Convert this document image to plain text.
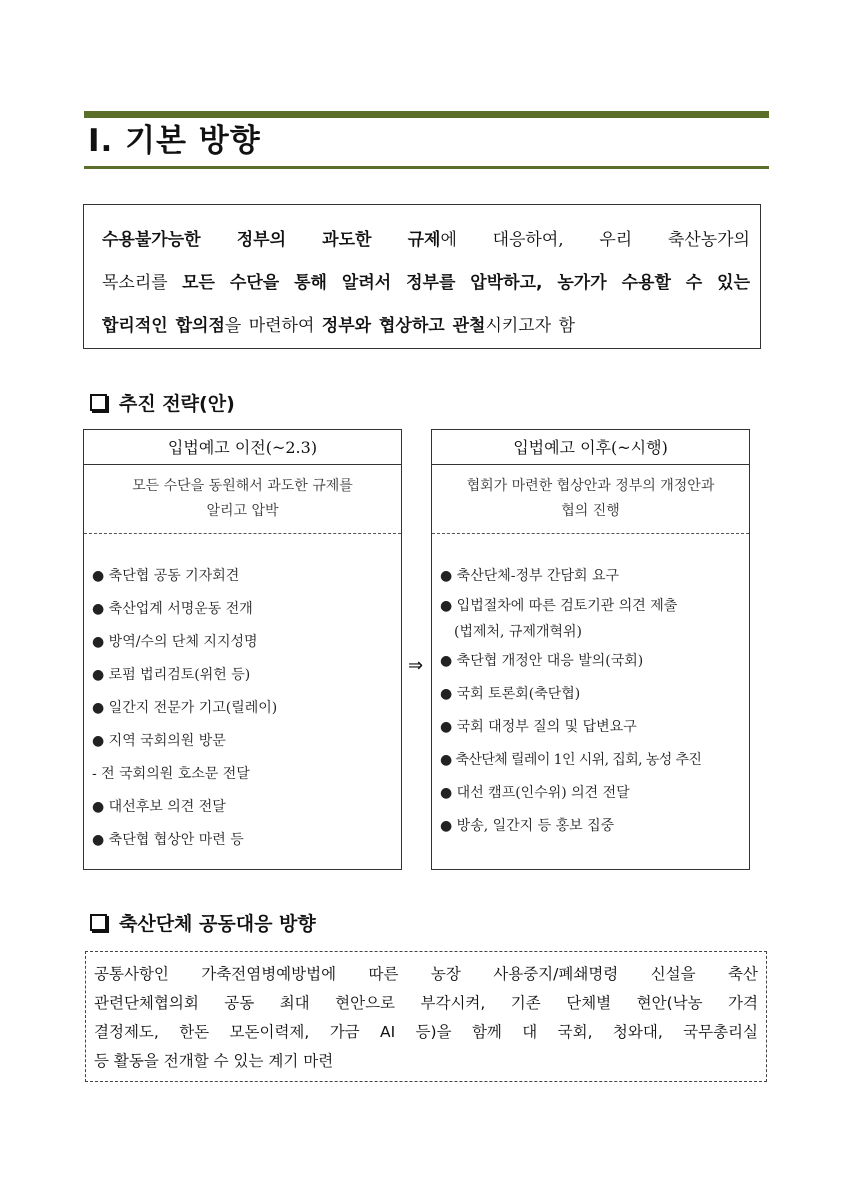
Ⅰ. 기본 방향
수용불가능한 정부의 과도한 규제에 대응하여, 우리 축산농가의
목소리를 모든 수단을 통해 알려서 정부를 압박하고, 농가가 수용할 수 있는
합리적인 합의점을 마련하여 정부와 협상하고 관철시키고자 함
추진 전략(안)
입법예고 이전(~2.3)
모든 수단을 동원해서 과도한 규제를
알리고 압박
● 축단협 공동 기자회견
● 축산업계 서명운동 전개
● 방역/수의 단체 지지성명
● 로펌 법리검토(위헌 등)
● 일간지 전문가 기고(릴레이)
● 지역 국회의원 방문
- 전 국회의원 호소문 전달
● 대선후보 의견 전달
● 축단협 협상안 마련 등
⇒
입법예고 이후(~시행)
협회가 마련한 협상안과 정부의 개정안과
협의 진행
● 축산단체-정부 간담회 요구
● 입법절차에 따른 검토기관 의견 제출
(법제처, 규제개혁위)
● 축단협 개정안 대응 발의(국회)
● 국회 토론회(축단협)
● 국회 대정부 질의 및 답변요구
● 축산단체 릴레이 1인 시위, 집회, 농성 추진
● 대선 캠프(인수위) 의견 전달
● 방송, 일간지 등 홍보 집중
축산단체 공동대응 방향
공통사항인 가축전염병예방법에 따른 농장 사용중지/폐쇄명령 신설을 축산
관련단체협의회 공동 최대 현안으로 부각시켜, 기존 단체별 현안(낙농 가격
결정제도, 한돈 모돈이력제, 가금 AI 등)을 함께 대 국회, 청와대, 국무총리실
등 활동을 전개할 수 있는 계기 마련
